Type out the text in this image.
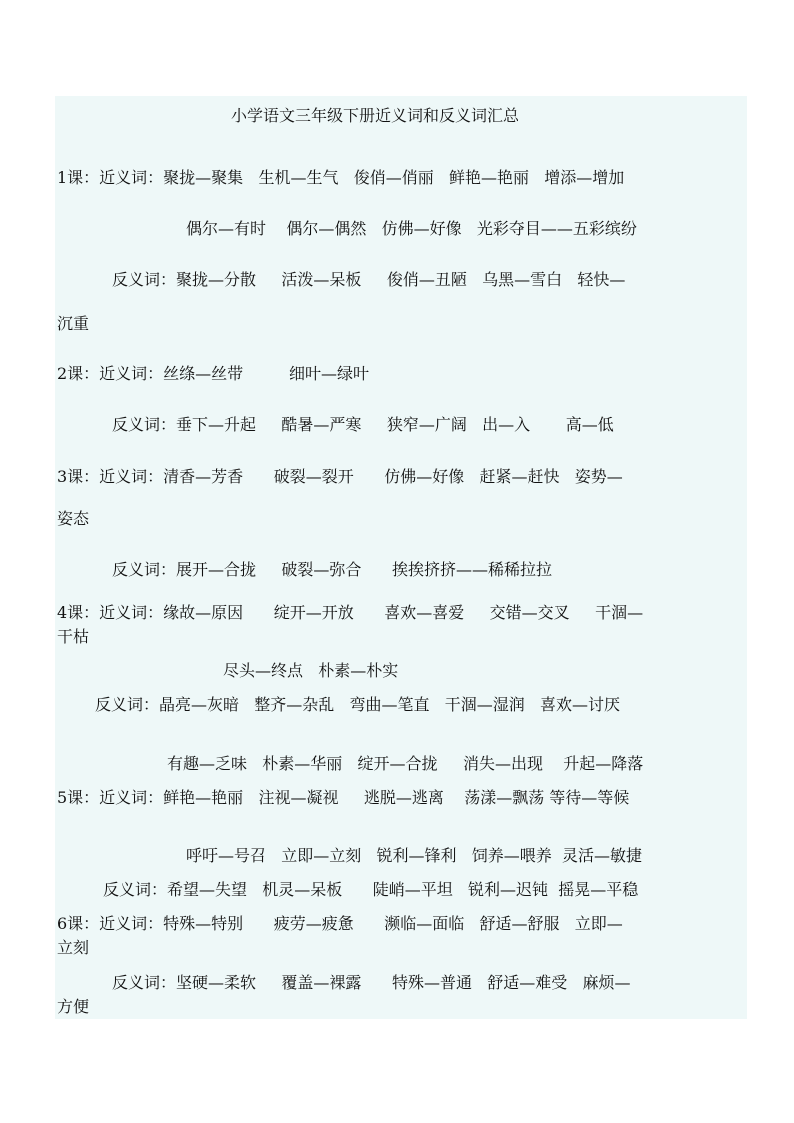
小学语文三年级下册近义词和反义词汇总
1课：近义词：聚拢—聚集   生机—生气   俊俏—俏丽   鲜艳—艳丽   增添—增加
偶尔—有时    偶尔—偶然   仿佛—好像   光彩夺目——五彩缤纷
反义词：聚拢—分散     活泼—呆板     俊俏—丑陋   乌黑—雪白   轻快—
沉重
2课：近义词：丝绦—丝带         细叶—绿叶
反义词：垂下—升起     酷暑—严寒     狭窄—广阔   出—入       高—低
3课：近义词：清香—芳香      破裂—裂开      仿佛—好像   赶紧—赶快   姿势—
姿态
反义词：展开—合拢     破裂—弥合      挨挨挤挤——稀稀拉拉
4课：近义词：缘故—原因      绽开—开放      喜欢—喜爱     交错—交叉     干涸—
干枯
尽头—终点   朴素—朴实
反义词：晶亮—灰暗   整齐—杂乱   弯曲—笔直   干涸—湿润   喜欢—讨厌
有趣—乏味   朴素—华丽   绽开—合拢     消失—出现    升起—降落
5课：近义词：鲜艳—艳丽   注视—凝视     逃脱—逃离    荡漾—飘荡 等待—等候
呼吁—号召   立即—立刻   锐利—锋利   饲养—喂养  灵活—敏捷
反义词：希望—失望   机灵—呆板      陡峭—平坦   锐利—迟钝  摇晃—平稳
6课：近义词：特殊—特别      疲劳—疲惫      濒临—面临   舒适—舒服   立即—
立刻
反义词：坚硬—柔软     覆盖—裸露      特殊—普通   舒适—难受   麻烦—
方便
